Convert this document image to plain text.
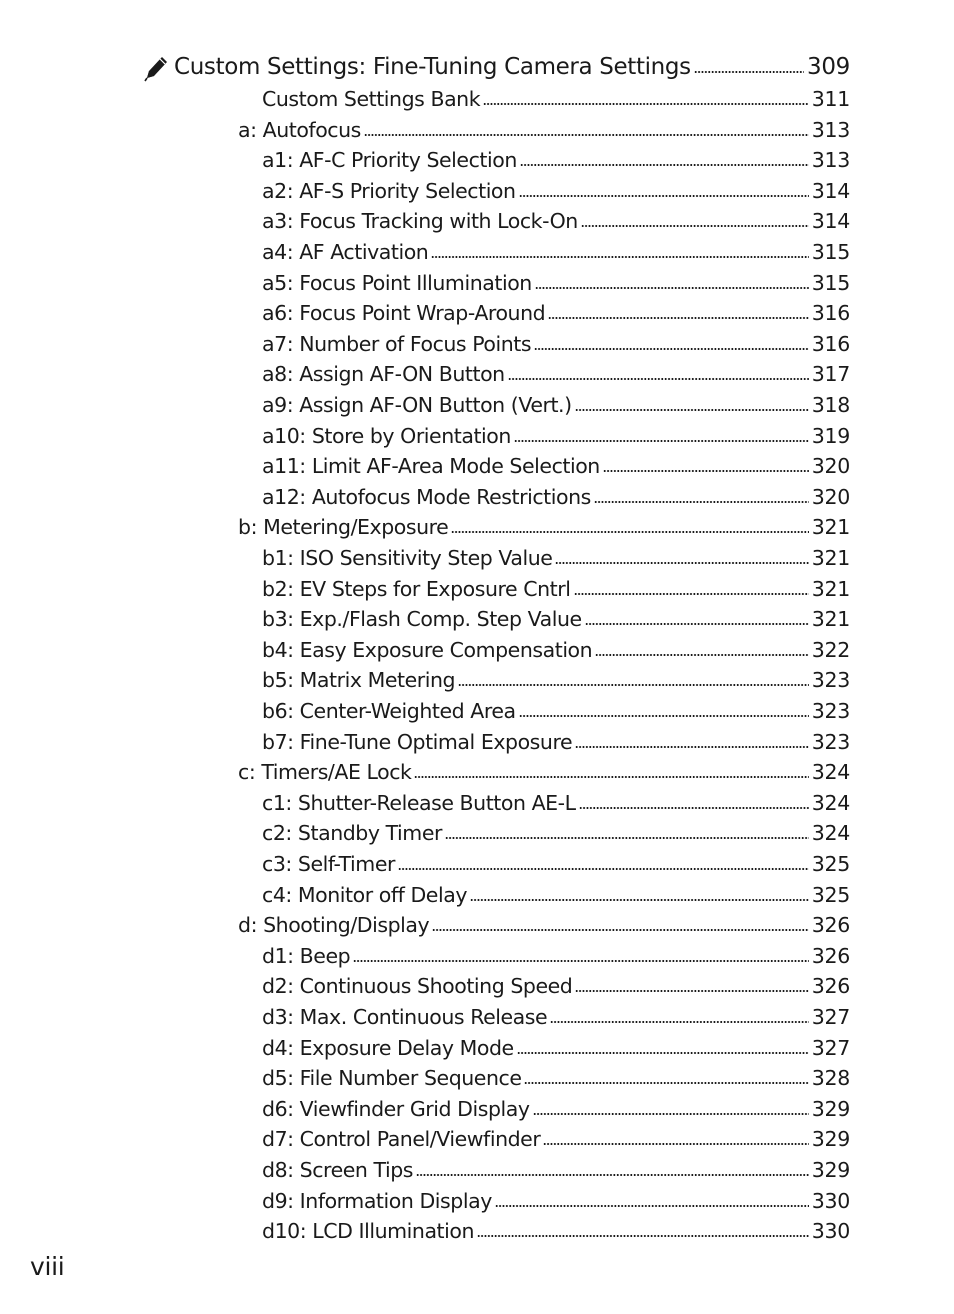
Custom Settings: Fine-Tuning Camera Settings	309
Custom Settings Bank	311
a: Autofocus	313
a1: AF-C Priority Selection	313
a2: AF-S Priority Selection	314
a3: Focus Tracking with Lock-On	314
a4: AF Activation	315
a5: Focus Point Illumination	315
a6: Focus Point Wrap-Around	316
a7: Number of Focus Points	316
a8: Assign AF-ON Button	317
a9: Assign AF-ON Button (Vert.)	318
a10: Store by Orientation	319
a11: Limit AF-Area Mode Selection	320
a12: Autofocus Mode Restrictions	320
b: Metering/Exposure	321
b1: ISO Sensitivity Step Value	321
b2: EV Steps for Exposure Cntrl	321
b3: Exp./Flash Comp. Step Value	321
b4: Easy Exposure Compensation	322
b5: Matrix Metering	323
b6: Center-Weighted Area	323
b7: Fine-Tune Optimal Exposure	323
c: Timers/AE Lock	324
c1: Shutter-Release Button AE-L	324
c2: Standby Timer	324
c3: Self-Timer	325
c4: Monitor off Delay	325
d: Shooting/Display	326
d1: Beep	326
d2: Continuous Shooting Speed	326
d3: Max. Continuous Release	327
d4: Exposure Delay Mode	327
d5: File Number Sequence	328
d6: Viewfinder Grid Display	329
d7: Control Panel/Viewfinder	329
d8: Screen Tips	329
d9: Information Display	330
d10: LCD Illumination	330
viii
